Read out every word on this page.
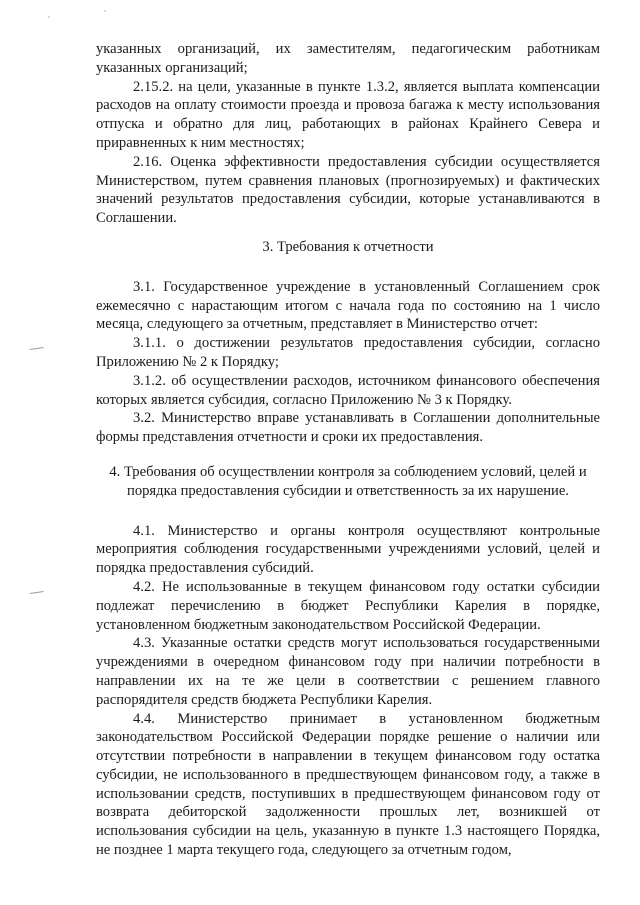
указанных организаций, их заместителям, педагогическим работникам указанных организаций;

2.15.2. на цели, указанные в пункте 1.3.2, является выплата компенсации расходов на оплату стоимости проезда и провоза багажа к месту использования отпуска и обратно для лиц, работающих в районах Крайнего Севера и приравненных к ним местностях;

2.16. Оценка эффективности предоставления субсидии осуществляется Министерством, путем сравнения плановых (прогнозируемых) и фактических значений результатов предоставления субсидии, которые устанавливаются в Соглашении.

3. Требования к отчетности

3.1. Государственное учреждение в установленный Соглашением срок ежемесячно с нарастающим итогом с начала года по состоянию на 1 число месяца, следующего за отчетным, представляет в Министерство отчет:

3.1.1. о достижении результатов предоставления субсидии, согласно Приложению № 2 к Порядку;

3.1.2. об осуществлении расходов, источником финансового обеспечения которых является субсидия, согласно Приложению № 3 к Порядку.

3.2. Министерство вправе устанавливать в Соглашении дополнительные формы представления отчетности и сроки их предоставления.

4. Требования об осуществлении контроля за соблюдением условий, целей и порядка предоставления субсидии и ответственность за их нарушение.

4.1. Министерство и органы контроля осуществляют контрольные мероприятия соблюдения государственными учреждениями условий, целей и порядка предоставления субсидий.

4.2. Не использованные в текущем финансовом году остатки субсидии подлежат перечислению в бюджет Республики Карелия в порядке, установленном бюджетным законодательством Российской Федерации.

4.3. Указанные остатки средств могут использоваться государственными учреждениями в очередном финансовом году при наличии потребности в направлении их на те же цели в соответствии с решением главного распорядителя средств бюджета Республики Карелия.

4.4. Министерство принимает в установленном бюджетным законодательством Российской Федерации порядке решение о наличии или отсутствии потребности в направлении в текущем финансовом году остатка субсидии, не использованного в предшествующем финансовом году, а также в использовании средств, поступивших в предшествующем финансовом году от возврата дебиторской задолженности прошлых лет, возникшей от использования субсидии на цель, указанную в пункте 1.3 настоящего Порядка, не позднее 1 марта текущего года, следующего за отчетным годом,
